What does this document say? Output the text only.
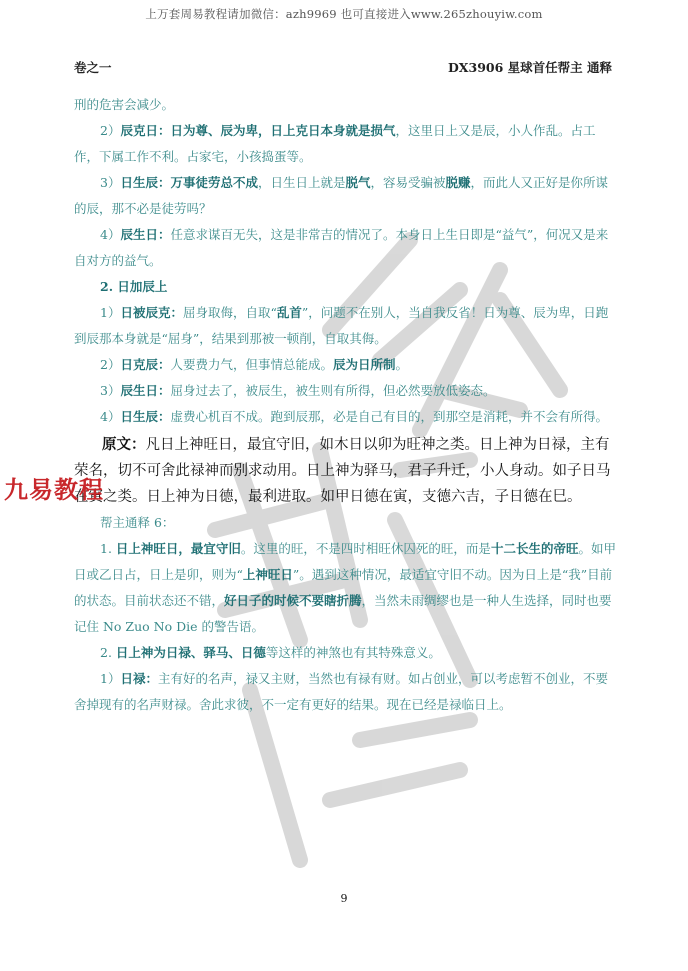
上万套周易教程请加微信：azh9969 也可直接进入www.265zhouyiw.com
卷之一	DX3906 星球首任帮主 通释

刑的危害会减少。

2）辰克日：日为尊、辰为卑，日上克日本身就是损气，这里日上又是辰，小人作乱。占工作，下属工作不利。占家宅，小孩捣蛋等。

3）日生辰：万事徒劳总不成，日生日上就是脱气，容易受骗被脱赚，而此人又正好是你所谋的辰，那不必是徒劳吗？

4）辰生日：任意求谋百无失，这是非常吉的情况了。本身日上生日即是“益气”，何况又是来自对方的益气。

2. 日加辰上

1）日被辰克：屈身取侮，自取“乱首”，问题不在别人，当自我反省！日为尊、辰为卑，日跑到辰那本身就是“屈身”，结果到那被一顿削，自取其侮。

2）日克辰：人要费力气，但事情总能成。辰为日所制。

3）辰生日：屈身过去了，被辰生，被生则有所得，但必然要放低姿态。

4）日生辰：虚费心机百不成。跑到辰那，必是自己有目的，到那空是消耗，并不会有所得。

原文：凡日上神旺日，最宜守旧，如木日以卯为旺神之类。日上神为日禄，主有荣名，切不可舍此禄神而别求动用。日上神为驿马，君子升迁，小人身动。如子日马在寅之类。日上神为日德，最利进取。如甲日德在寅，支德六吉，子日德在巳。

帮主通释 6：

1. 日上神旺日，最宜守旧。这里的旺，不是四时相旺休囚死的旺，而是十二长生的帝旺。如甲日或乙日占，日上是卯，则为“上神旺日”。遇到这种情况，最适宜守旧不动。因为日上是“我”目前的状态。目前状态还不错，好日子的时候不要瞎折腾，当然未雨绸缪也是一种人生选择，同时也要记住 No Zuo No Die 的警告语。

2. 日上神为日禄、驿马、日德等这样的神煞也有其特殊意义。

1）日禄：主有好的名声，禄又主财，当然也有禄有财。如占创业，可以考虑暂不创业，不要舍掉现有的名声财禄。舍此求彼，不一定有更好的结果。现在已经是禄临日上。

九易教程
9
